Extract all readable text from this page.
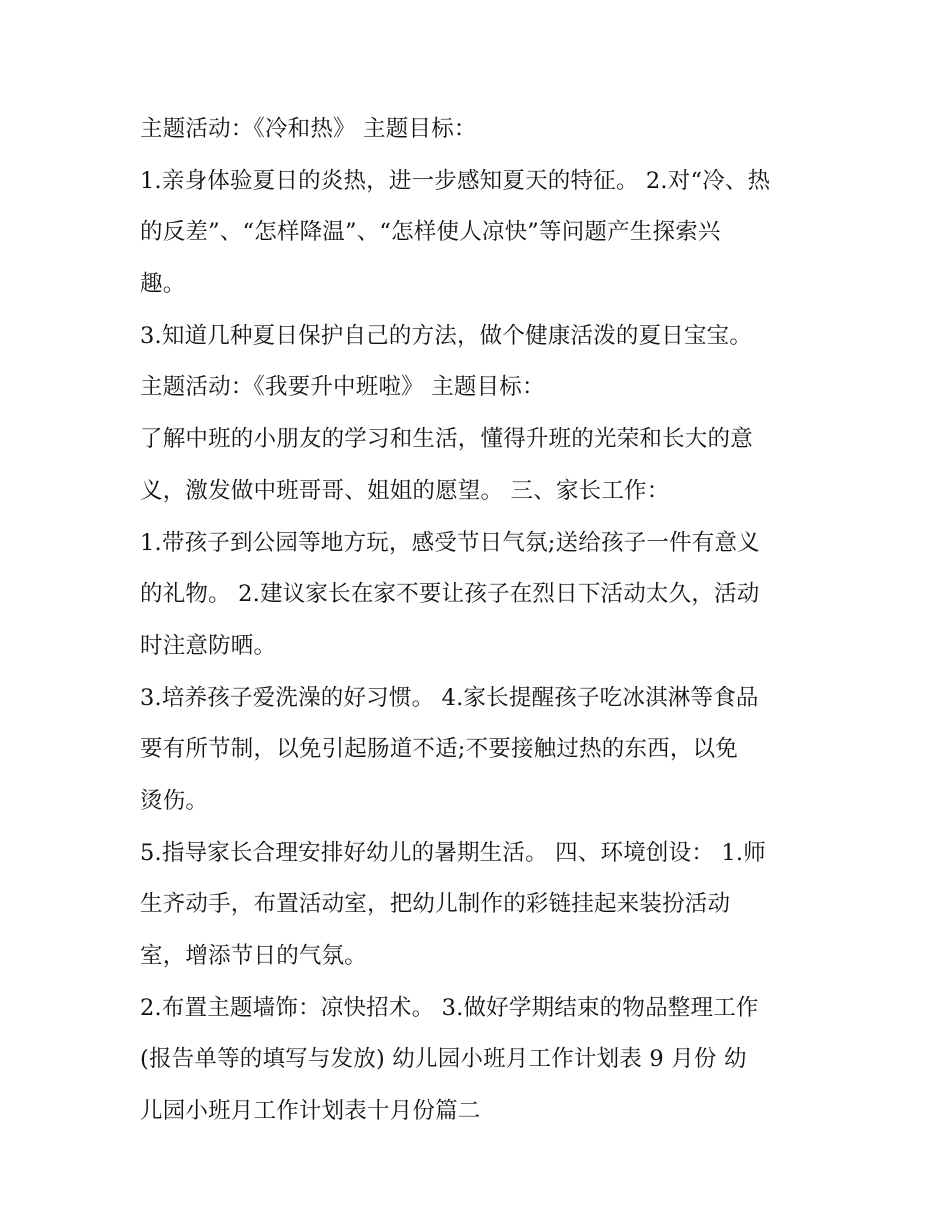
主题活动：《冷和热》 主题目标：
1.亲身体验夏日的炎热，进一步感知夏天的特征。 2.对“冷、热
的反差”、“怎样降温”、“怎样使人凉快”等问题产生探索兴
趣。
3.知道几种夏日保护自己的方法，做个健康活泼的夏日宝宝。
主题活动：《我要升中班啦》 主题目标：
了解中班的小朋友的学习和生活，懂得升班的光荣和长大的意
义，激发做中班哥哥、姐姐的愿望。 三、家长工作：
1.带孩子到公园等地方玩，感受节日气氛;送给孩子一件有意义
的礼物。 2.建议家长在家不要让孩子在烈日下活动太久，活动
时注意防晒。
3.培养孩子爱洗澡的好习惯。 4.家长提醒孩子吃冰淇淋等食品
要有所节制，以免引起肠道不适;不要接触过热的东西，以免
烫伤。
5.指导家长合理安排好幼儿的暑期生活。 四、环境创设： 1.师
生齐动手，布置活动室，把幼儿制作的彩链挂起来装扮活动
室，增添节日的气氛。
2.布置主题墙饰：凉快招术。 3.做好学期结束的物品整理工作
(报告单等的填写与发放) 幼儿园小班月工作计划表 9 月份 幼
儿园小班月工作计划表十月份篇二
